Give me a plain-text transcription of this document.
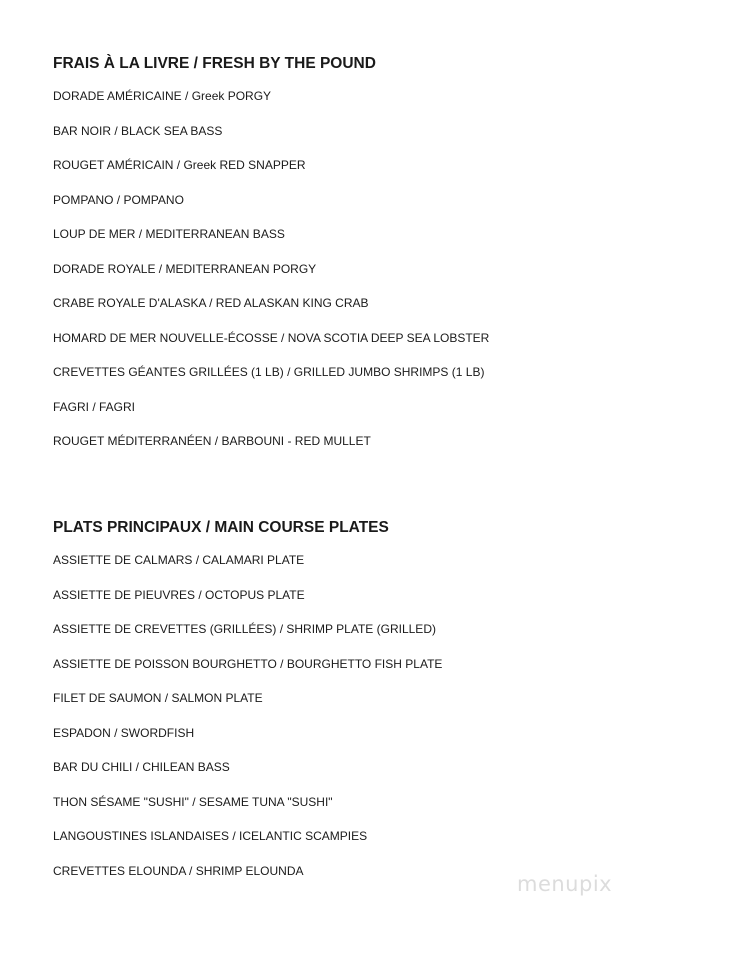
FRAIS À LA LIVRE / FRESH BY THE POUND
DORADE AMÉRICAINE / Greek PORGY
BAR NOIR / BLACK SEA BASS
ROUGET AMÉRICAIN / Greek RED SNAPPER
POMPANO / POMPANO
LOUP DE MER / MEDITERRANEAN BASS
DORADE ROYALE / MEDITERRANEAN PORGY
CRABE ROYALE D'ALASKA / RED ALASKAN KING CRAB
HOMARD DE MER NOUVELLE-ÉCOSSE / NOVA SCOTIA DEEP SEA LOBSTER
CREVETTES GÉANTES GRILLÉES (1 LB) / GRILLED JUMBO SHRIMPS (1 LB)
FAGRI / FAGRI
ROUGET MÉDITERRANÉEN / BARBOUNI - RED MULLET
PLATS PRINCIPAUX / MAIN COURSE PLATES
ASSIETTE DE CALMARS / CALAMARI PLATE
ASSIETTE DE PIEUVRES / OCTOPUS PLATE
ASSIETTE DE CREVETTES (GRILLÉES) / SHRIMP PLATE (GRILLED)
ASSIETTE DE POISSON BOURGHETTO / BOURGHETTO FISH PLATE
FILET DE SAUMON / SALMON PLATE
ESPADON / SWORDFISH
BAR DU CHILI / CHILEAN BASS
THON SÉSAME "SUSHI" / SESAME TUNA "SUSHI"
LANGOUSTINES ISLANDAISES / ICELANTIC SCAMPIES
CREVETTES ELOUNDA / SHRIMP ELOUNDA
menupix
